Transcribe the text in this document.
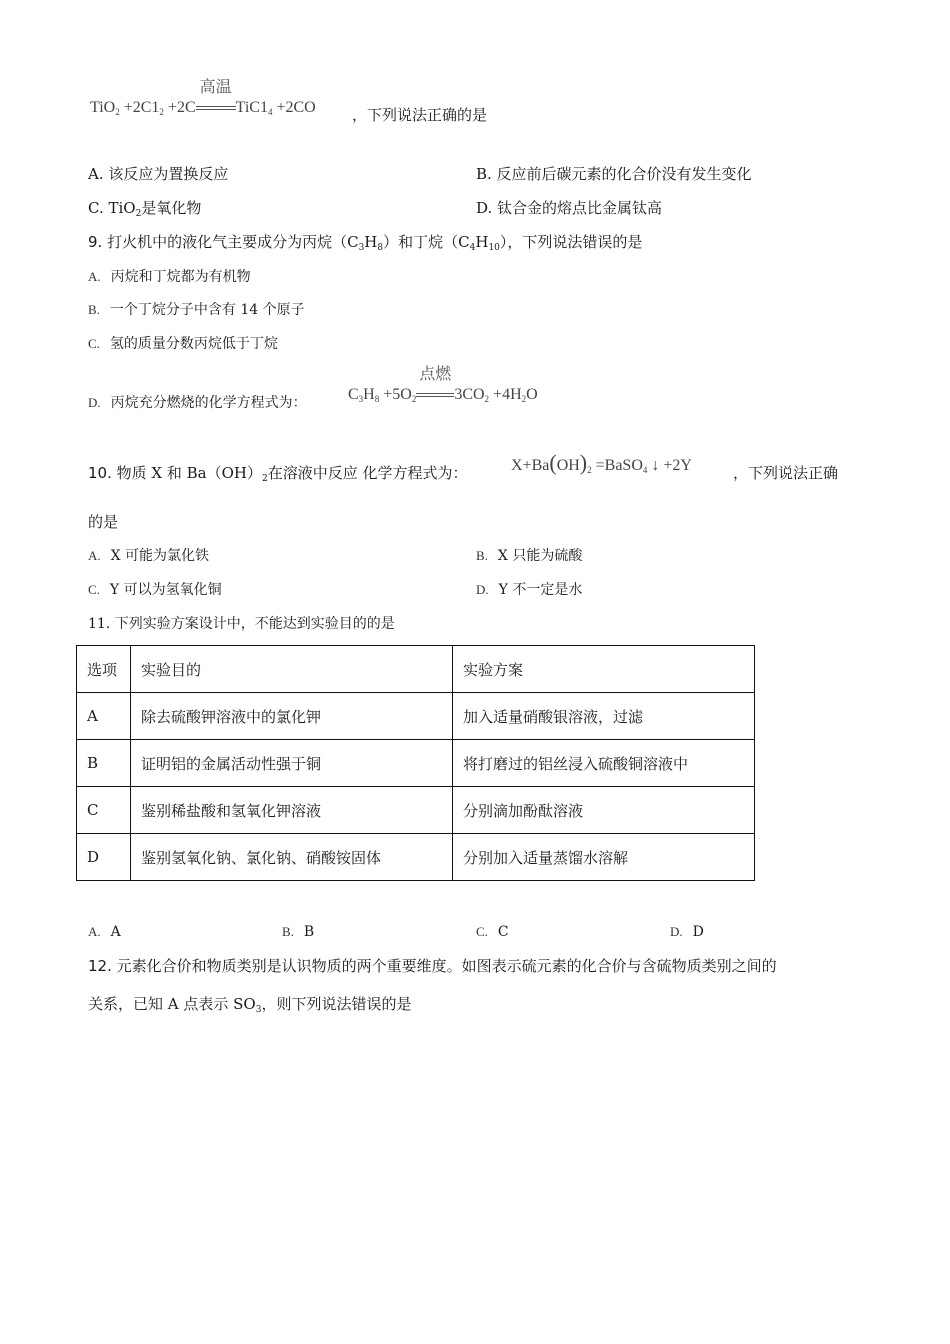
$TiO_2 +2C1_2 +2C$
高温
$TiC1_4 +2CO$ ，下列说法正确的是
A. 该反应为置换反应	B. 反应前后碳元素的化合价没有发生变化
C. TiO$_2$是氧化物	D. 钛合金的熔点比金属钛高
9. 打火机中的液化气主要成分为丙烷$(C_3H_8)$和丁烷$(C_4H_{10})$，下列说法错误的是
A. 丙烷和丁烷都为有机物
B. 一个丁烷分子中含有 14 个原子
C. 氢的质量分数丙烷低于丁烷
D. 丙烷充分燃烧的化学方程式为：	$C_3H_8 +5O_2$
点燃
$3CO_2 +4H_2O$
10. 物质 X 和 $Ba(OH)_2$在溶液中反应 化学方程式为：	$X+Ba(OH)_2$ =BaSO$_4$ ↓ +2Y	，下列说法正确
的是
A. X 可能为氯化铁	B. X 只能为硫酸
C. Y 可以为氢氧化铜	D. Y 不一定是水
11. 下列实验方案设计中，不能达到实验目的的是
选项	实验目的	实验方案
A	除去硫酸钾溶液中的氯化钾	加入适量硝酸银溶液，过滤
B	证明铝的金属活动性强于铜	将打磨过的铝丝浸入硫酸铜溶液中
C	鉴别稀盐酸和氢氧化钾溶液	分别滴加酚酞溶液
D	鉴别氢氧化钠、氯化钠、硝酸铵固体	分别加入适量蒸馏水溶解
A. A	B. B	C. C	D. D
12. 元素化合价和物质类别是认识物质的两个重要维度。如图表示硫元素的化合价与含硫物质类别之间的
关系，已知 A 点表示 $SO_3$，则下列说法错误的是
